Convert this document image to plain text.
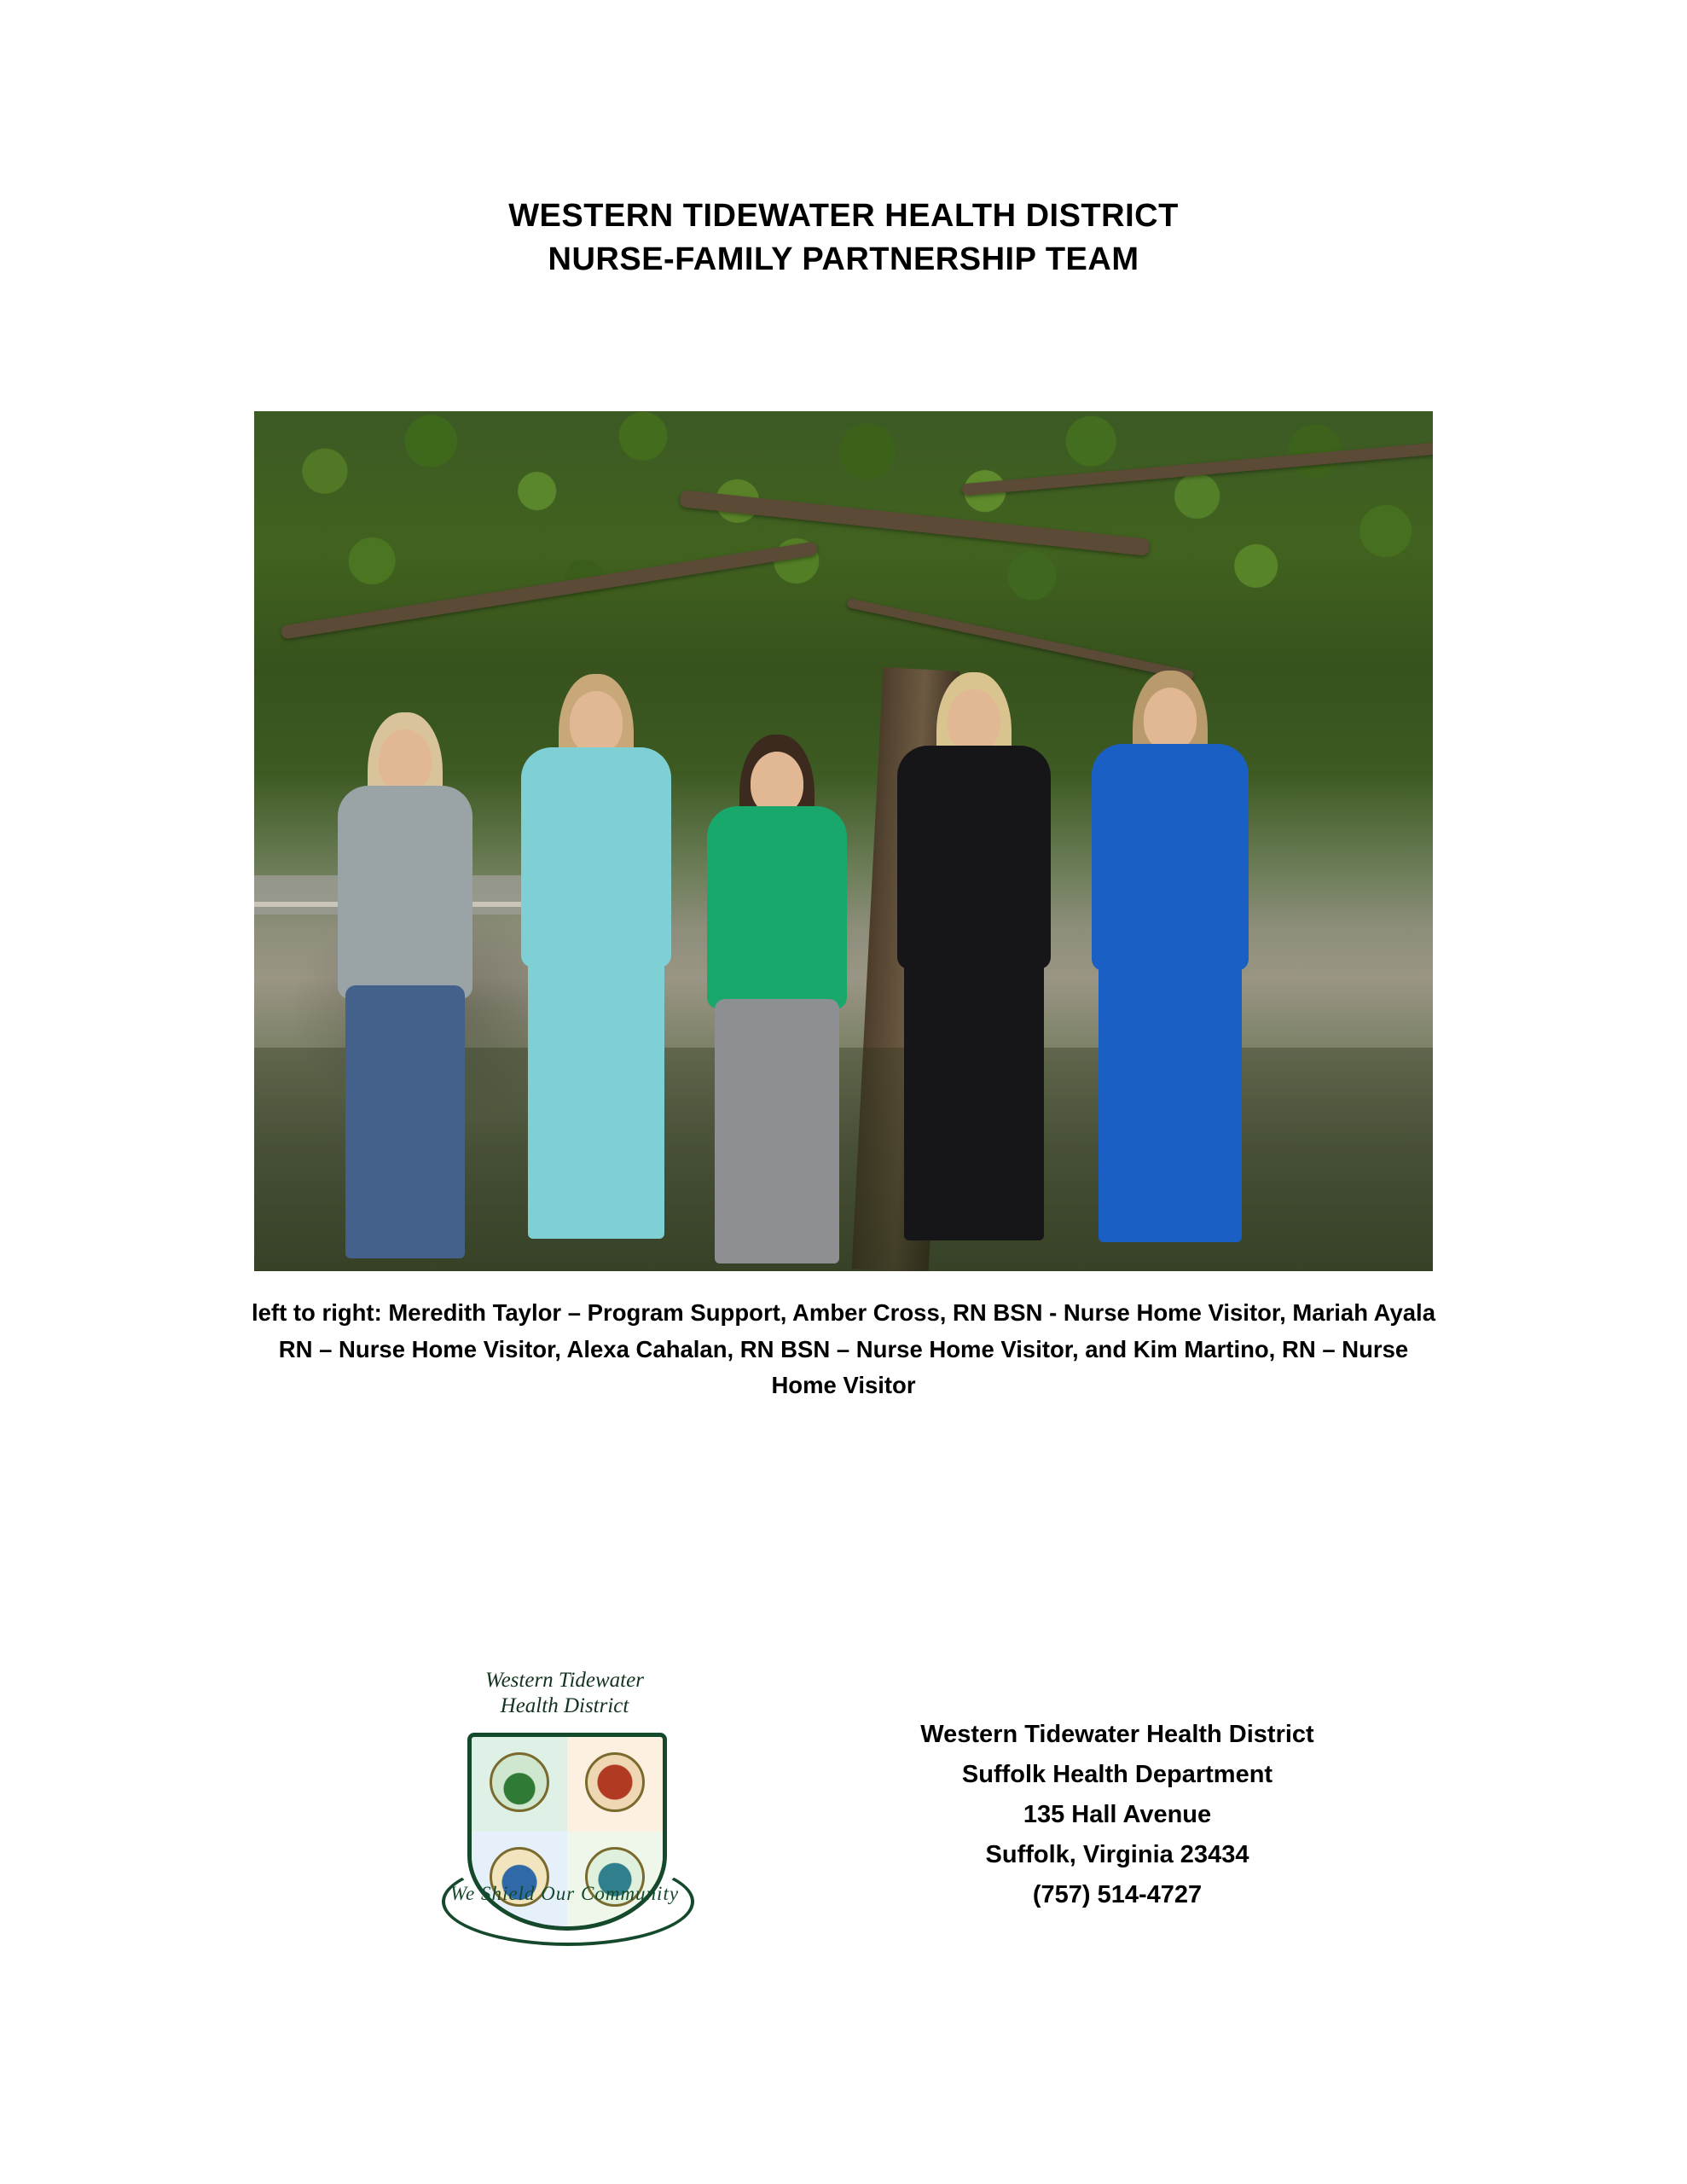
WESTERN TIDEWATER HEALTH DISTRICT
NURSE-FAMILY PARTNERSHIP TEAM
left to right: Meredith Taylor – Program Support, Amber Cross, RN BSN - Nurse Home Visitor, Mariah Ayala RN – Nurse Home Visitor, Alexa Cahalan, RN BSN – Nurse Home Visitor, and Kim Martino, RN – Nurse Home Visitor
Western Tidewater
Health District
We Shield Our Community
Western Tidewater Health District
Suffolk Health Department
135 Hall Avenue
Suffolk, Virginia 23434
(757) 514-4727
